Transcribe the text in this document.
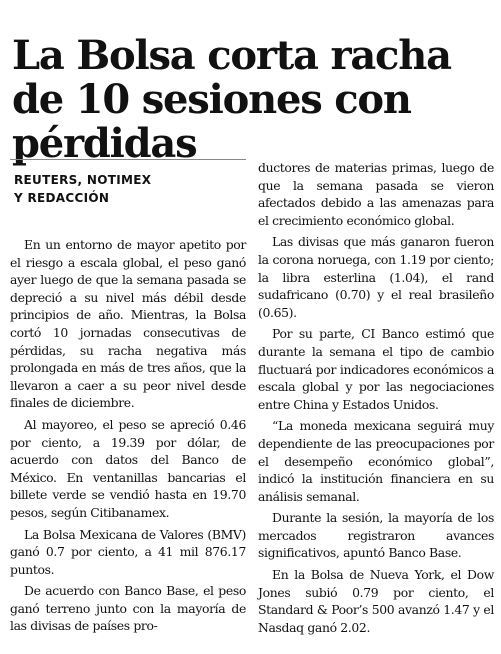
La Bolsa corta racha de 10 sesiones con pérdidas
REUTERS, NOTIMEX
Y REDACCIÓN

En un entorno de mayor apetito por el riesgo a escala global, el peso ganó ayer luego de que la semana pasada se depreció a su nivel más débil desde principios de año. Mientras, la Bolsa cortó 10 jornadas consecutivas de pérdidas, su racha negativa más prolongada en más de tres años, que la llevaron a caer a su peor nivel desde finales de diciembre.

Al mayoreo, el peso se apreció 0.46 por ciento, a 19.39 por dólar, de acuerdo con datos del Banco de México. En ventanillas bancarias el billete verde se vendió hasta en 19.70 pesos, según Citibanamex.

La Bolsa Mexicana de Valores (BMV) ganó 0.7 por ciento, a 41 mil 876.17 puntos.

De acuerdo con Banco Base, el peso ganó terreno junto con la mayoría de las divisas de países pro-

ductores de materias primas, luego de que la semana pasada se vieron afectados debido a las amenazas para el crecimiento económico global.

Las divisas que más ganaron fueron la corona noruega, con 1.19 por ciento; la libra esterlina (1.04), el rand sudafricano (0.70) y el real brasileño (0.65).

Por su parte, CI Banco estimó que durante la semana el tipo de cambio fluctuará por indicadores económicos a escala global y por las negociaciones entre China y Estados Unidos.

“La moneda mexicana seguirá muy dependiente de las preocupaciones por el desempeño económico global”, indicó la institución financiera en su análisis semanal.

Durante la sesión, la mayoría de los mercados registraron avances significativos, apuntó Banco Base.

En la Bolsa de Nueva York, el Dow Jones subió 0.79 por ciento, el Standard & Poor’s 500 avanzó 1.47 y el Nasdaq ganó 2.02.
